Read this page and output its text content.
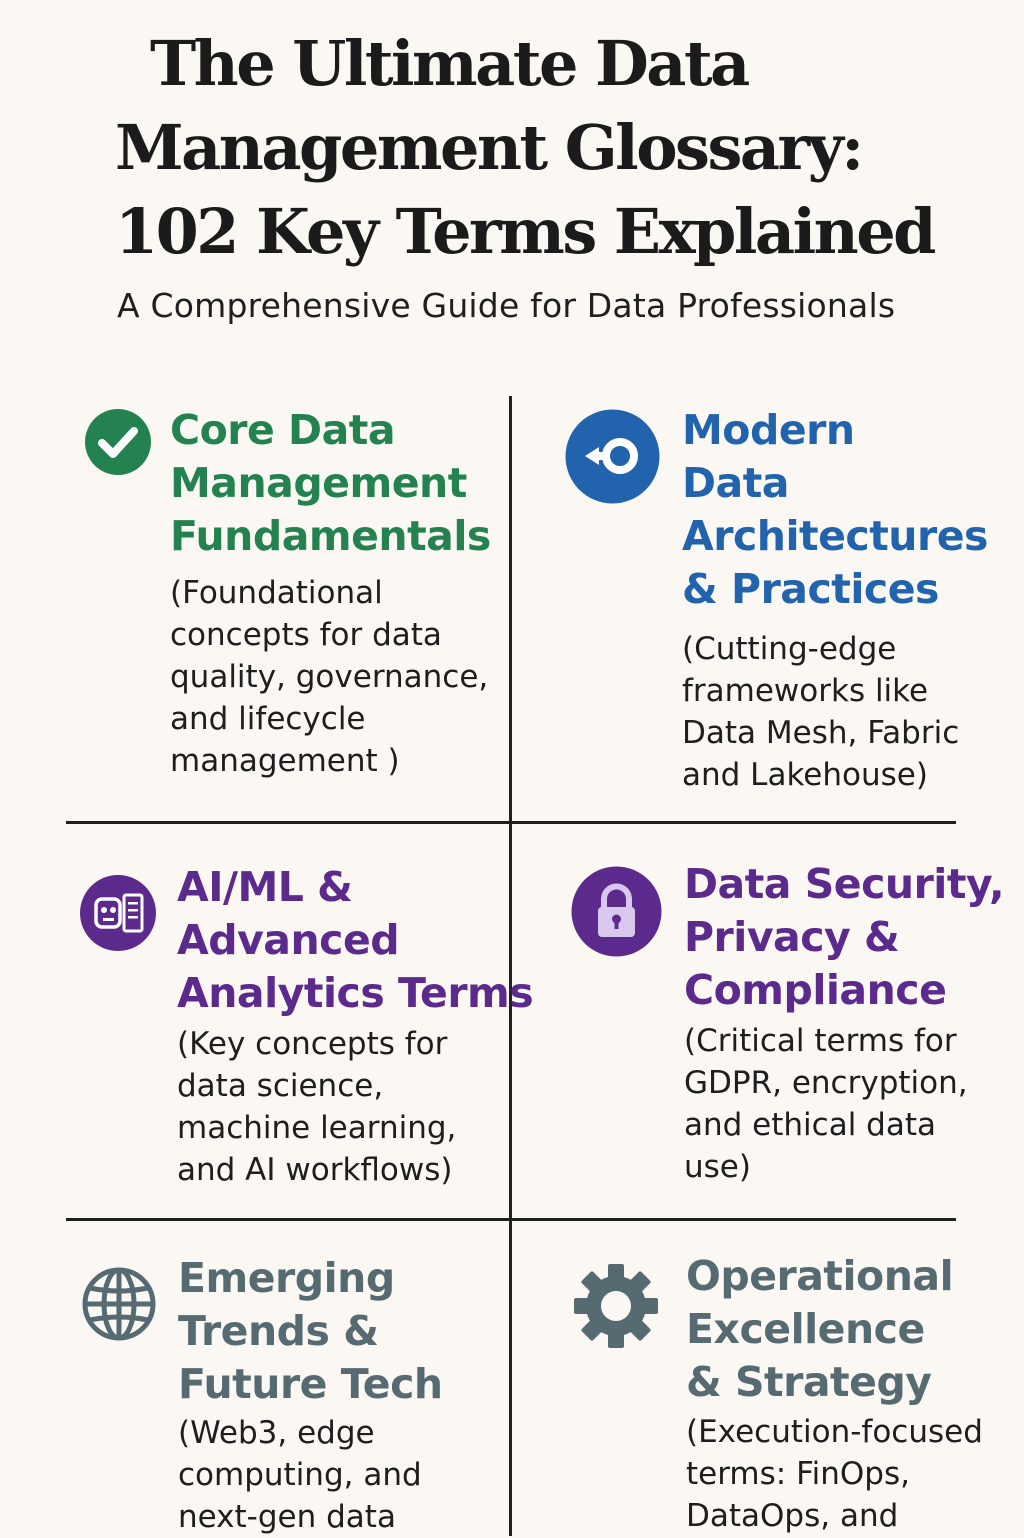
The Ultimate Data
Management Glossary:
102 Key Terms Explained
A Comprehensive Guide for Data Professionals
Core Data
Management
Fundamentals
(Foundational
concepts for data
quality, governance,
and lifecycle
management )
Modern
Data
Architectures
& Practices
(Cutting-edge
frameworks like
Data Mesh, Fabric
and Lakehouse)
AI/ML &
Advanced
Analytics Terms
(Key concepts for
data science,
machine learning,
and AI workflows)
Data Security,
Privacy &
Compliance
(Critical terms for
GDPR, encryption,
and ethical data
use)
Emerging
Trends &
Future Tech
(Web3, edge
computing, and
next-gen data
Operational
Excellence
& Strategy
(Execution-focused
terms: FinOps,
DataOps, and
